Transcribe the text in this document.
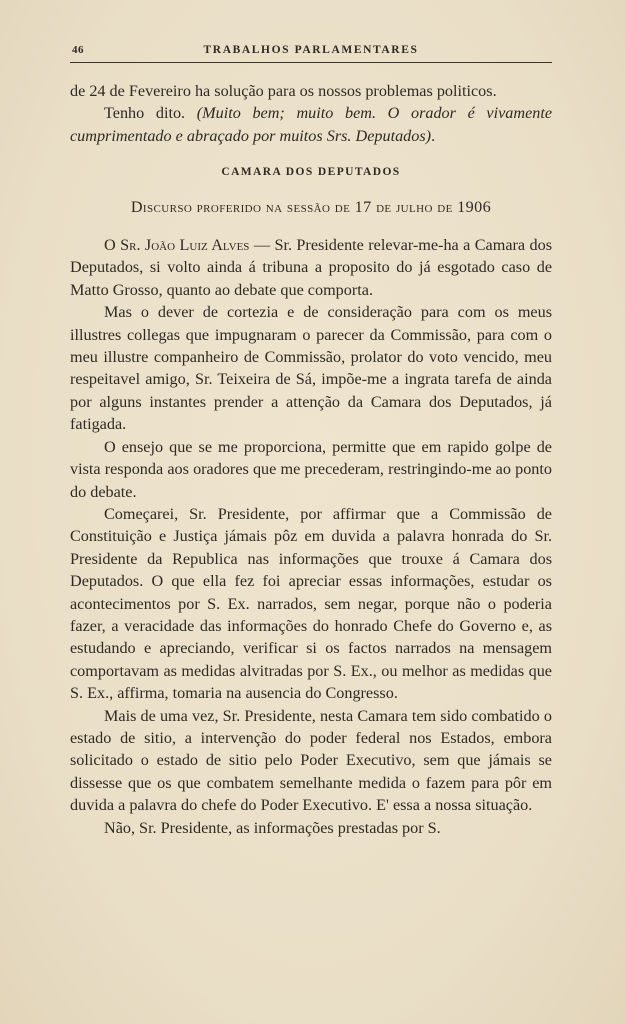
46	TRABALHOS PARLAMENTARES

de 24 de Fevereiro ha solução para os nossos problemas politicos.

Tenho dito. (Muito bem; muito bem. O orador é vivamente cumprimentado e abraçado por muitos Srs. Deputados).

CAMARA DOS DEPUTADOS
Discurso proferido na sessão de 17 de julho de 1906

O Sr. João Luiz Alves — Sr. Presidente relevar-me-ha a Camara dos Deputados, si volto ainda á tribuna a proposito do já esgotado caso de Matto Grosso, quanto ao debate que comporta.

Mas o dever de cortezia e de consideração para com os meus illustres collegas que impugnaram o parecer da Commissão, para com o meu illustre companheiro de Commissão, prolator do voto vencido, meu respeitavel amigo, Sr. Teixeira de Sá, impõe-me a ingrata tarefa de ainda por alguns instantes prender a attenção da Camara dos Deputados, já fatigada.

O ensejo que se me proporciona, permitte que em rapido golpe de vista responda aos oradores que me precederam, restringindo-me ao ponto do debate.

Começarei, Sr. Presidente, por affirmar que a Commissão de Constituição e Justiça jámais pôz em duvida a palavra honrada do Sr. Presidente da Republica nas informações que trouxe á Camara dos Deputados. O que ella fez foi apreciar essas informações, estudar os acontecimentos por S. Ex. narrados, sem negar, porque não o poderia fazer, a veracidade das informações do honrado Chefe do Governo e, as estudando e apreciando, verificar si os factos narrados na mensagem comportavam as medidas alvitradas por S. Ex., ou melhor as medidas que S. Ex., affirma, tomaria na ausencia do Congresso.

Mais de uma vez, Sr. Presidente, nesta Camara tem sido combatido o estado de sitio, a intervenção do poder federal nos Estados, embora solicitado o estado de sitio pelo Poder Executivo, sem que jámais se dissesse que os que combatem semelhante medida o fazem para pôr em duvida a palavra do chefe do Poder Executivo. E' essa a nossa situação.

Não, Sr. Presidente, as informações prestadas por S.
